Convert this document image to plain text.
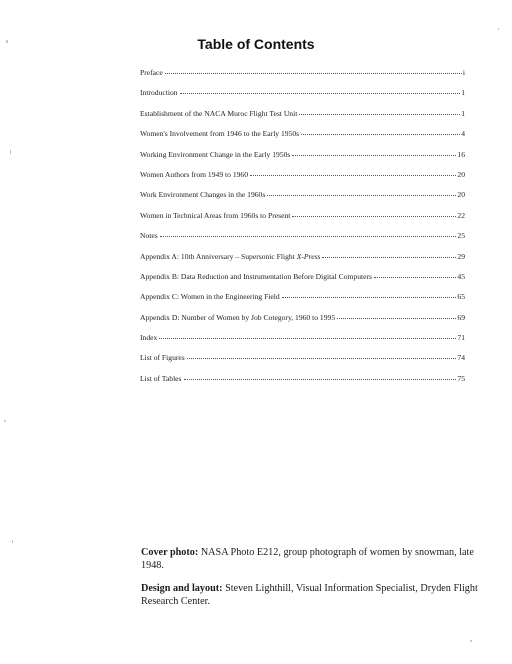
Table of Contents
Preface	i
Introduction	1
Establishment of the NACA Muroc Flight Test Unit	1
Women's Involvement from 1946 to the Early 1950s	4
Working Environment Change in the Early 1950s	16
Women Authors from 1949 to 1960	20
Work Environment Changes in the 1960s	20
Women in Technical Areas from 1960s to Present	22
Notes	25
Appendix A: 10th Anniversary – Supersonic Flight X-Press	29
Appendix B: Data Reduction and Instrumentation Before Digital Computers	45
Appendix C: Women in the Engineering Field	65
Appendix D: Number of Women by Job Cotegory, 1960 to 1995	69
Index	71
List of Figures	74
List of Tables	75

Cover photo: NASA Photo E212, group photograph of women by snowman, late 1948.

Design and layout: Steven Lighthill, Visual Information Specialist, Dryden Flight Research Center.
